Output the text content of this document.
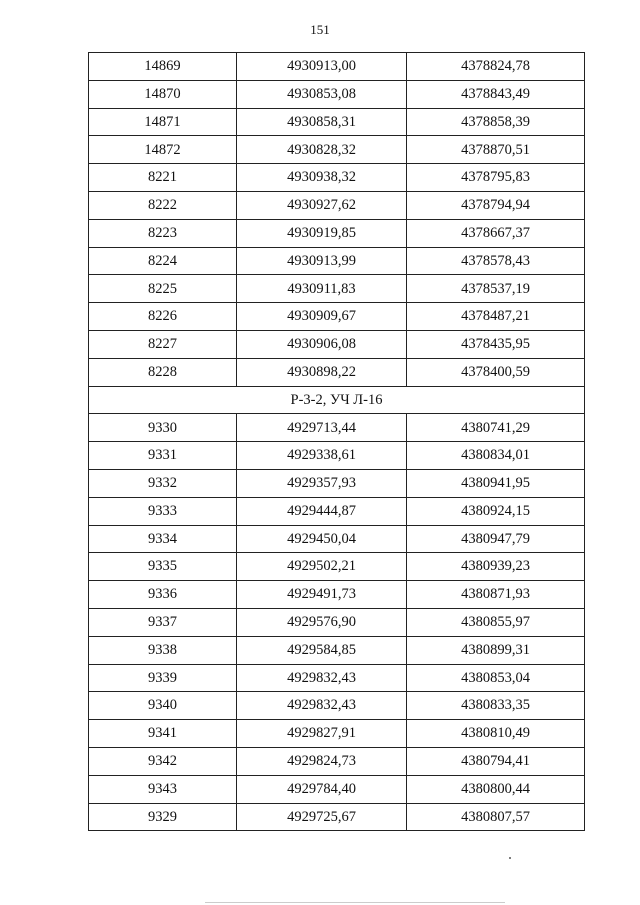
151
14869	4930913,00	4378824,78
14870	4930853,08	4378843,49
14871	4930858,31	4378858,39
14872	4930828,32	4378870,51
8221	4930938,32	4378795,83
8222	4930927,62	4378794,94
8223	4930919,85	4378667,37
8224	4930913,99	4378578,43
8225	4930911,83	4378537,19
8226	4930909,67	4378487,21
8227	4930906,08	4378435,95
8228	4930898,22	4378400,59
Р-3-2, УЧ Л-16		
9330	4929713,44	4380741,29
9331	4929338,61	4380834,01
9332	4929357,93	4380941,95
9333	4929444,87	4380924,15
9334	4929450,04	4380947,79
9335	4929502,21	4380939,23
9336	4929491,73	4380871,93
9337	4929576,90	4380855,97
9338	4929584,85	4380899,31
9339	4929832,43	4380853,04
9340	4929832,43	4380833,35
9341	4929827,91	4380810,49
9342	4929824,73	4380794,41
9343	4929784,40	4380800,44
9329	4929725,67	4380807,57
